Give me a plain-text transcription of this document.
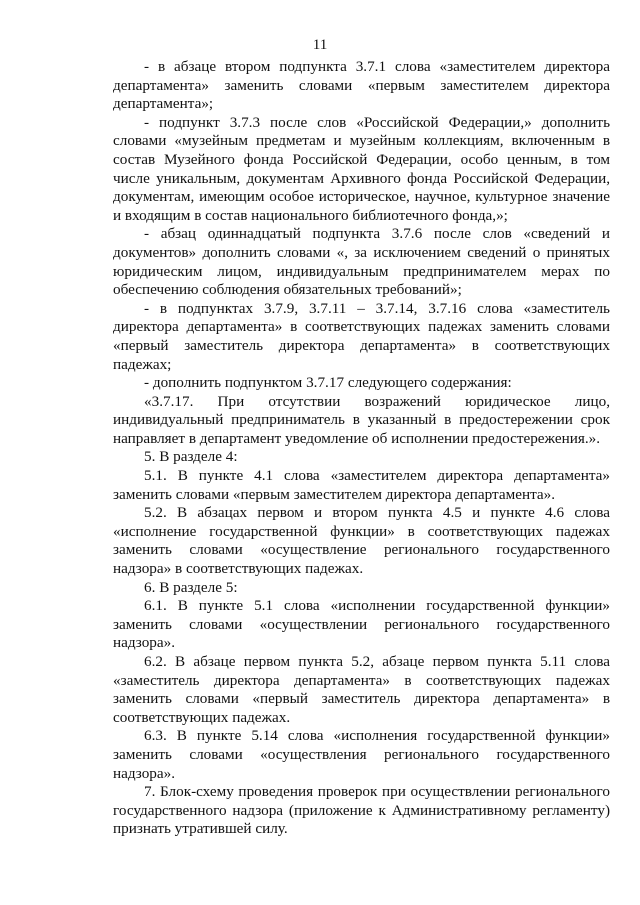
11

- в абзаце втором подпункта 3.7.1 слова «заместителем директора департамента» заменить словами «первым заместителем директора департамента»;

- подпункт 3.7.3 после слов «Российской Федерации,» дополнить словами «музейным предметам и музейным коллекциям, включенным в состав Музейного фонда Российской Федерации, особо ценным, в том числе уникальным, документам Архивного фонда Российской Федерации, документам, имеющим особое историческое, научное, культурное значение и входящим в состав национального библиотечного фонда,»;

- абзац одиннадцатый подпункта 3.7.6 после слов «сведений и документов» дополнить словами «, за исключением сведений о принятых юридическим лицом, индивидуальным предпринимателем мерах по обеспечению соблюдения обязательных требований»;

- в подпунктах 3.7.9, 3.7.11 – 3.7.14, 3.7.16 слова «заместитель директора департамента» в соответствующих падежах заменить словами «первый заместитель директора департамента» в соответствующих падежах;

- дополнить подпунктом 3.7.17 следующего содержания:

«3.7.17. При отсутствии возражений юридическое лицо, индивидуальный предприниматель в указанный в предостережении срок направляет в департамент уведомление об исполнении предостережения.».

5. В разделе 4:

5.1. В пункте 4.1 слова «заместителем директора департамента» заменить словами «первым заместителем директора департамента».

5.2. В абзацах первом и втором пункта 4.5 и пункте 4.6 слова «исполнение государственной функции» в соответствующих падежах заменить словами «осуществление регионального государственного надзора» в соответствующих падежах.

6. В разделе 5:

6.1. В пункте 5.1 слова «исполнении государственной функции» заменить словами «осуществлении регионального государственного надзора».

6.2. В абзаце первом пункта 5.2, абзаце первом пункта 5.11 слова «заместитель директора департамента» в соответствующих падежах заменить словами «первый заместитель директора департамента» в соответствующих падежах.

6.3. В пункте 5.14 слова «исполнения государственной функции» заменить словами «осуществления регионального государственного надзора».

7. Блок-схему проведения проверок при осуществлении регионального государственного надзора (приложение к Административному регламенту) признать утратившей силу.
